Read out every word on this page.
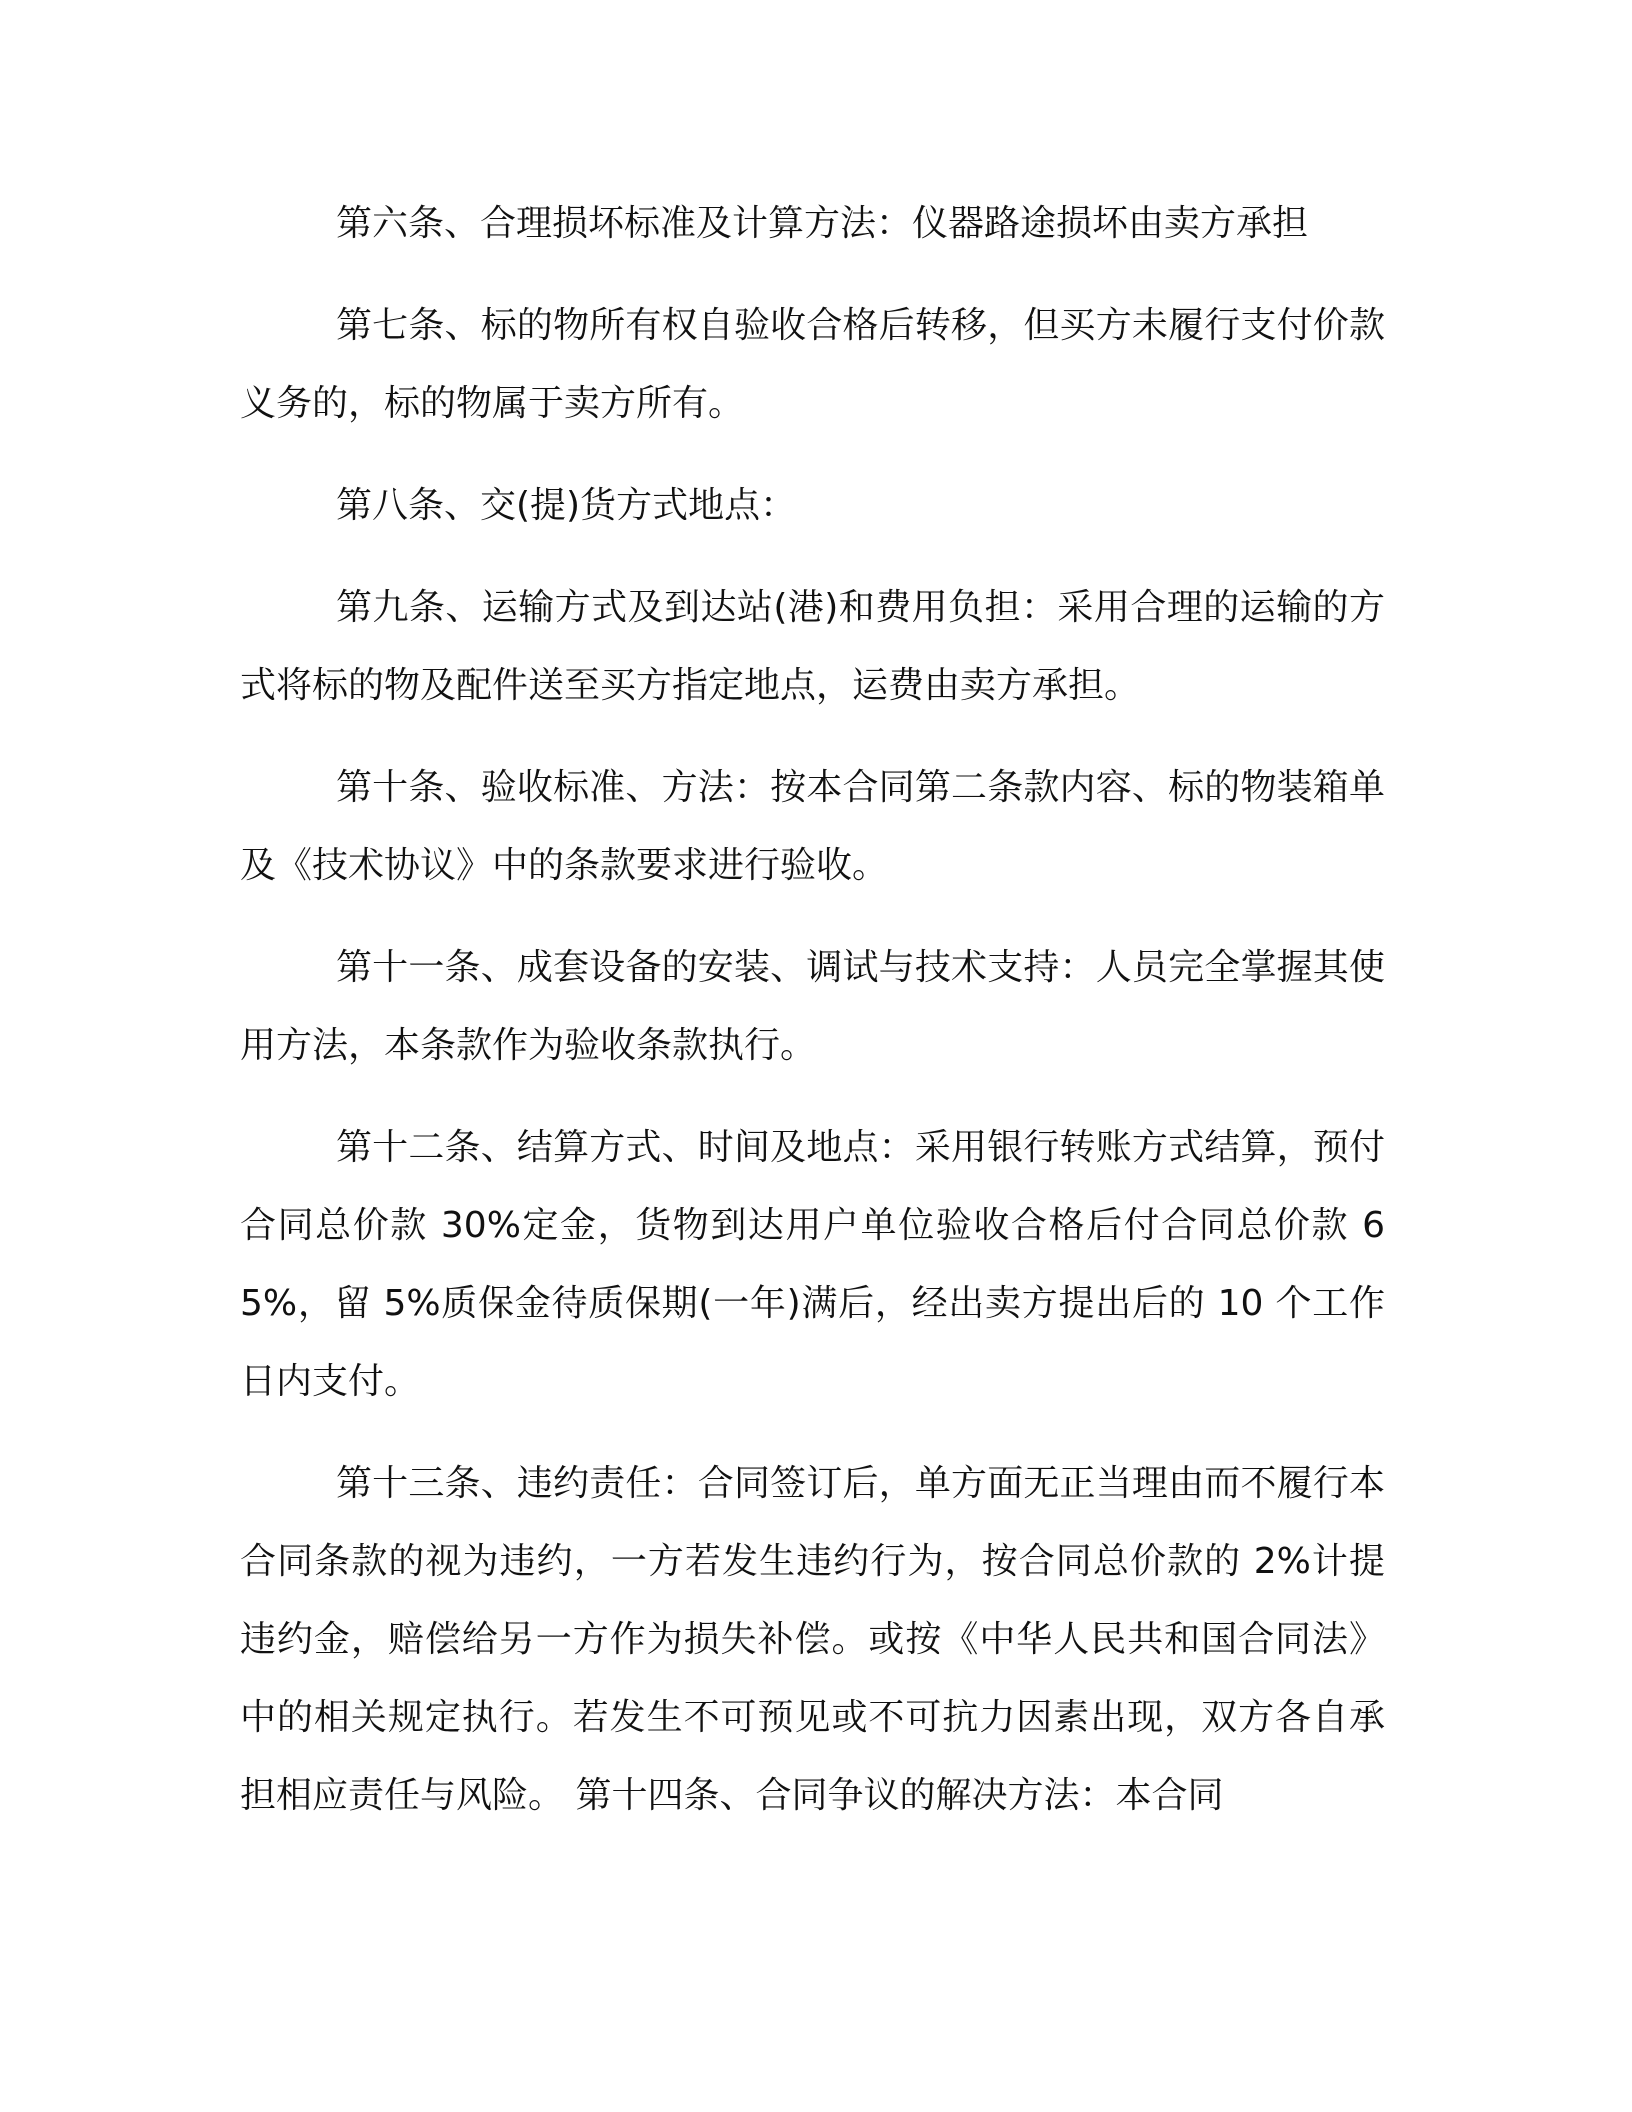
第六条、合理损坏标准及计算方法：仪器路途损坏由卖方承担

第七条、标的物所有权自验收合格后转移，但买方未履行支付价款义务的，标的物属于卖方所有。

第八条、交(提)货方式地点：

第九条、运输方式及到达站(港)和费用负担：采用合理的运输的方式将标的物及配件送至买方指定地点，运费由卖方承担。

第十条、验收标准、方法：按本合同第二条款内容、标的物装箱单及《技术协议》中的条款要求进行验收。

第十一条、成套设备的安装、调试与技术支持：人员完全掌握其使用方法，本条款作为验收条款执行。

第十二条、结算方式、时间及地点：采用银行转账方式结算，预付合同总价款 30%定金，货物到达用户单位验收合格后付合同总价款 65%，留 5%质保金待质保期(一年)满后，经出卖方提出后的 10 个工作日内支付。

第十三条、违约责任：合同签订后，单方面无正当理由而不履行本合同条款的视为违约，一方若发生违约行为，按合同总价款的 2%计提违约金，赔偿给另一方作为损失补偿。或按《中华人民共和国合同法》中的相关规定执行。若发生不可预见或不可抗力因素出现，双方各自承担相应责任与风险。 第十四条、合同争议的解决方法：本合同
